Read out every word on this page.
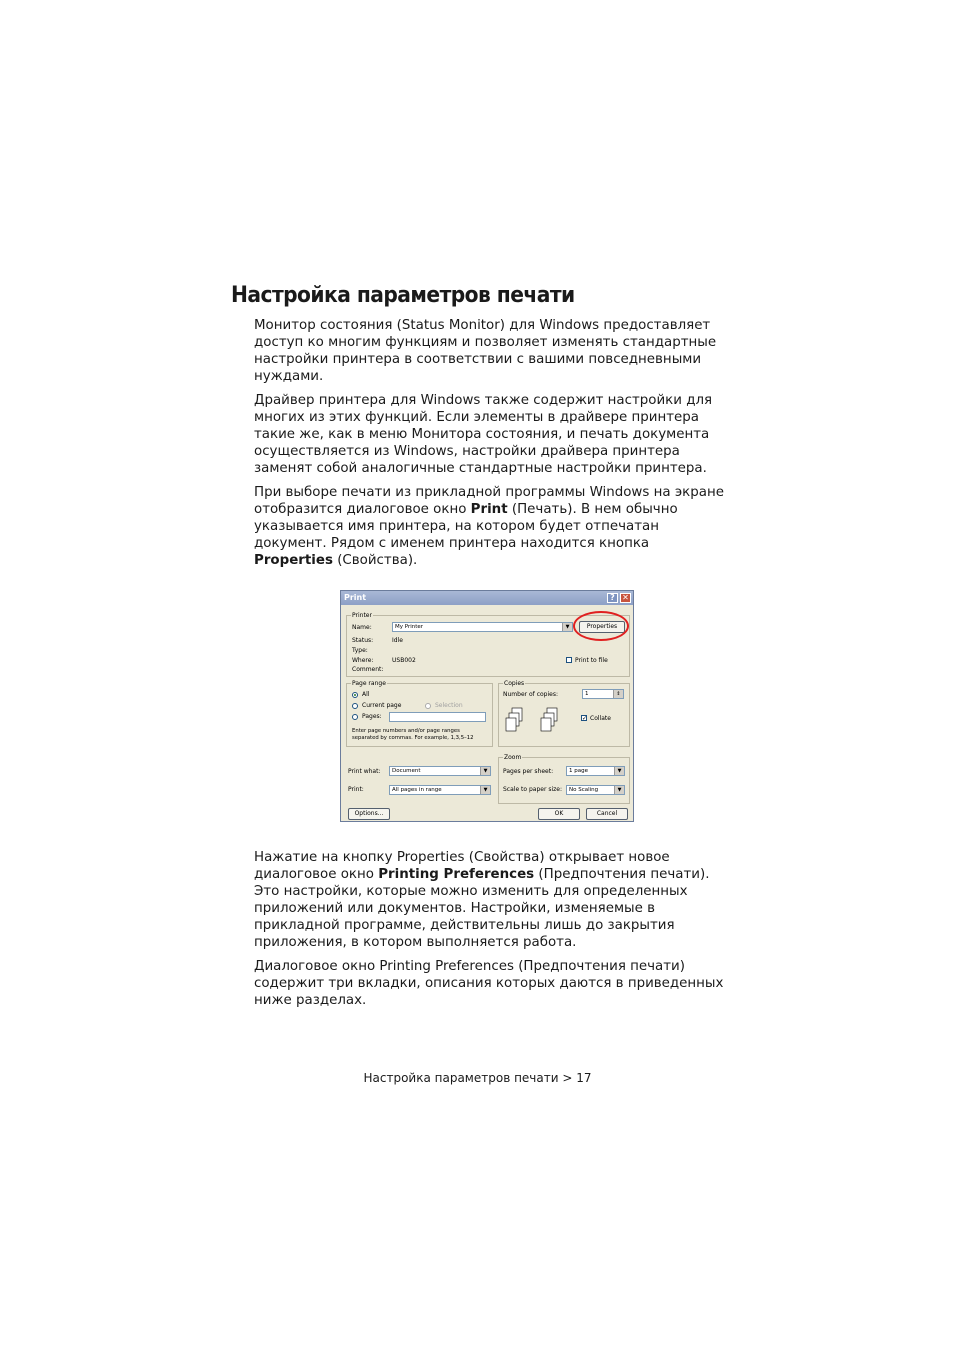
Настройка параметров печати

Монитор состояния (Status Monitor) для Windows предоставляет доступ ко многим функциям и позволяет изменять стандартные настройки принтера в соответствии с вашими повседневными нуждами.

Драйвер принтера для Windows также содержит настройки для многих из этих функций. Если элементы в драйвере принтера такие же, как в меню Монитора состояния, и печать документа осуществляется из Windows, настройки драйвера принтера заменят собой аналогичные стандартные настройки принтера.

При выборе печати из прикладной программы Windows на экране отобразится диалоговое окно Print (Печать). В нем обычно указывается имя принтера, на котором будет отпечатан документ. Рядом с именем принтера находится кнопка Properties (Свойства).

Print	? ✕
Printer
Name:	My Printer	▼	Properties
Status:	Idle
Type:
Where:	USB002
Comment:
Print to file
Page range
All
Current page	Selection
Pages:
Enter page numbers and/or page ranges
separated by commas. For example, 1,3,5–12
Copies
Number of copies:	1	⇕
✓ Collate
Print what: Document	▼
Print:	All pages in range	▼
Zoom
Pages per sheet:	1 page	▼
Scale to paper size: No Scaling	▼
Options...	OK	Cancel

Нажатие на кнопку Properties (Свойства) открывает новое диалоговое окно Printing Preferences (Предпочтения печати). Это настройки, которые можно изменить для определенных приложений или документов. Настройки, изменяемые в прикладной программе, действительны лишь до закрытия приложения, в котором выполняется работа.

Диалоговое окно Printing Preferences (Предпочтения печати) содержит три вкладки, описания которых даются в приведенных ниже разделах.

Настройка параметров печати > 17
